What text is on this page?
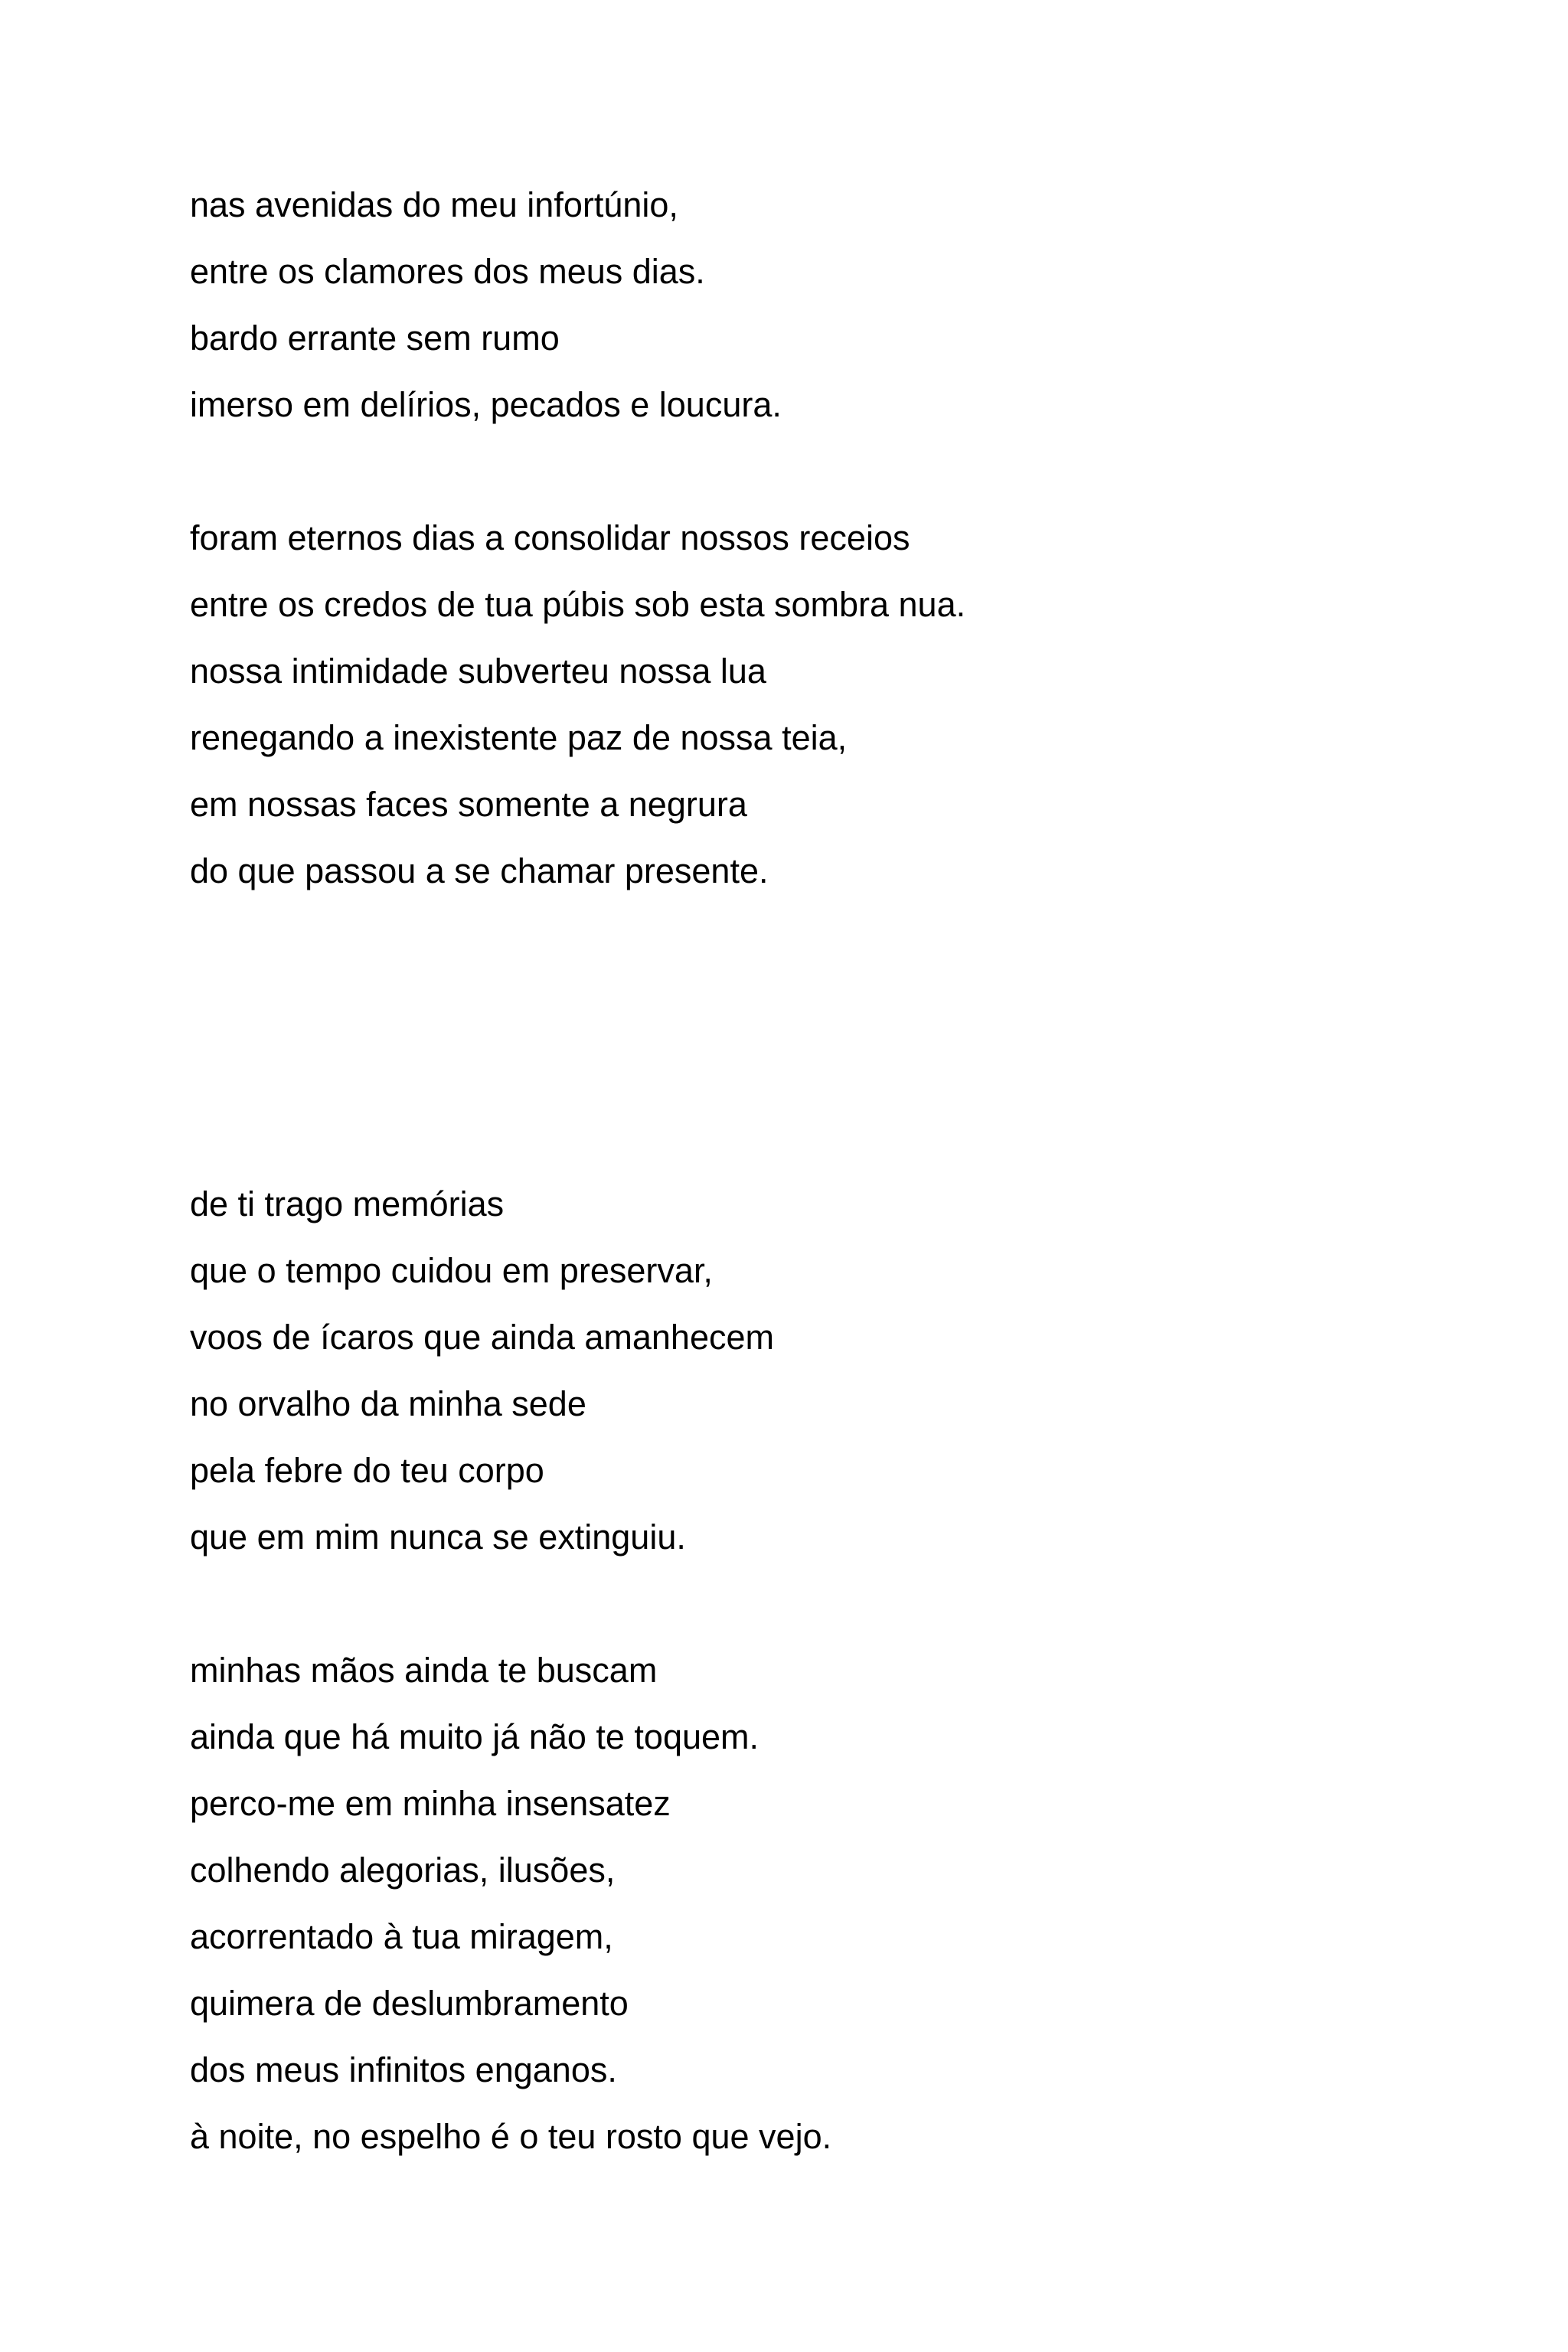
nas avenidas do meu infortúnio,
entre os clamores dos meus dias.
bardo errante sem rumo
imerso em delírios, pecados e loucura.
foram eternos dias a consolidar nossos receios
entre os credos de tua púbis sob esta sombra nua.
nossa intimidade subverteu nossa lua
renegando a inexistente paz de nossa teia,
em nossas faces somente a negrura
do que passou a se chamar presente.
de ti trago memórias
que o tempo cuidou em preservar,
voos de ícaros que ainda amanhecem
no orvalho da minha sede
pela febre do teu corpo
que em mim nunca se extinguiu.
minhas mãos ainda te buscam
ainda que há muito já não te toquem.
perco-me em minha insensatez
colhendo alegorias, ilusões,
acorrentado à tua miragem,
quimera de deslumbramento
dos meus infinitos enganos.
à noite, no espelho é o teu rosto que vejo.
